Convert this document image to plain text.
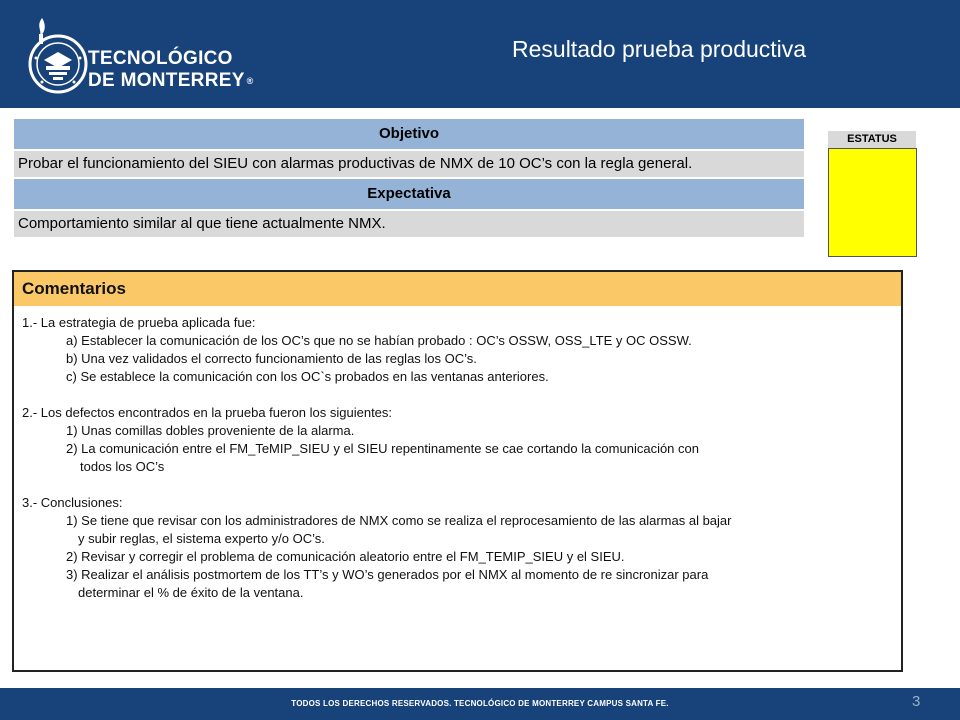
TECNOLÓGICO
DE MONTERREY ®
Resultado prueba productiva
Objetivo
Probar el funcionamiento del SIEU con alarmas productivas de NMX de 10 OC’s con la regla general.
Expectativa
Comportamiento similar al que tiene actualmente NMX.
ESTATUS
Comentarios
1.- La estrategia de prueba aplicada fue:
a) Establecer la comunicación de los OC’s que no se habían probado : OC’s OSSW, OSS_LTE y OC OSSW.
b) Una vez validados el correcto funcionamiento de las reglas los OC’s.
c) Se establece la comunicación con los OC`s probados en las ventanas anteriores.
2.- Los defectos encontrados en la prueba fueron los siguientes:
1) Unas comillas dobles proveniente de la alarma.
2) La comunicación entre el FM_TeMIP_SIEU y el SIEU repentinamente se cae cortando la comunicación con
todos los OC’s
3.- Conclusiones:
1) Se tiene que revisar con los administradores de NMX como se realiza el reprocesamiento de las alarmas al bajar
y subir reglas, el sistema experto y/o OC’s.
2) Revisar y corregir el problema de comunicación aleatorio entre el FM_TEMIP_SIEU y el SIEU.
3) Realizar el análisis postmortem de los TT’s y WO’s generados por el NMX al momento de re sincronizar para
determinar el % de éxito de la ventana.
TODOS LOS DERECHOS RESERVADOS. TECNOLÓGICO DE MONTERREY CAMPUS SANTA FE.	3
